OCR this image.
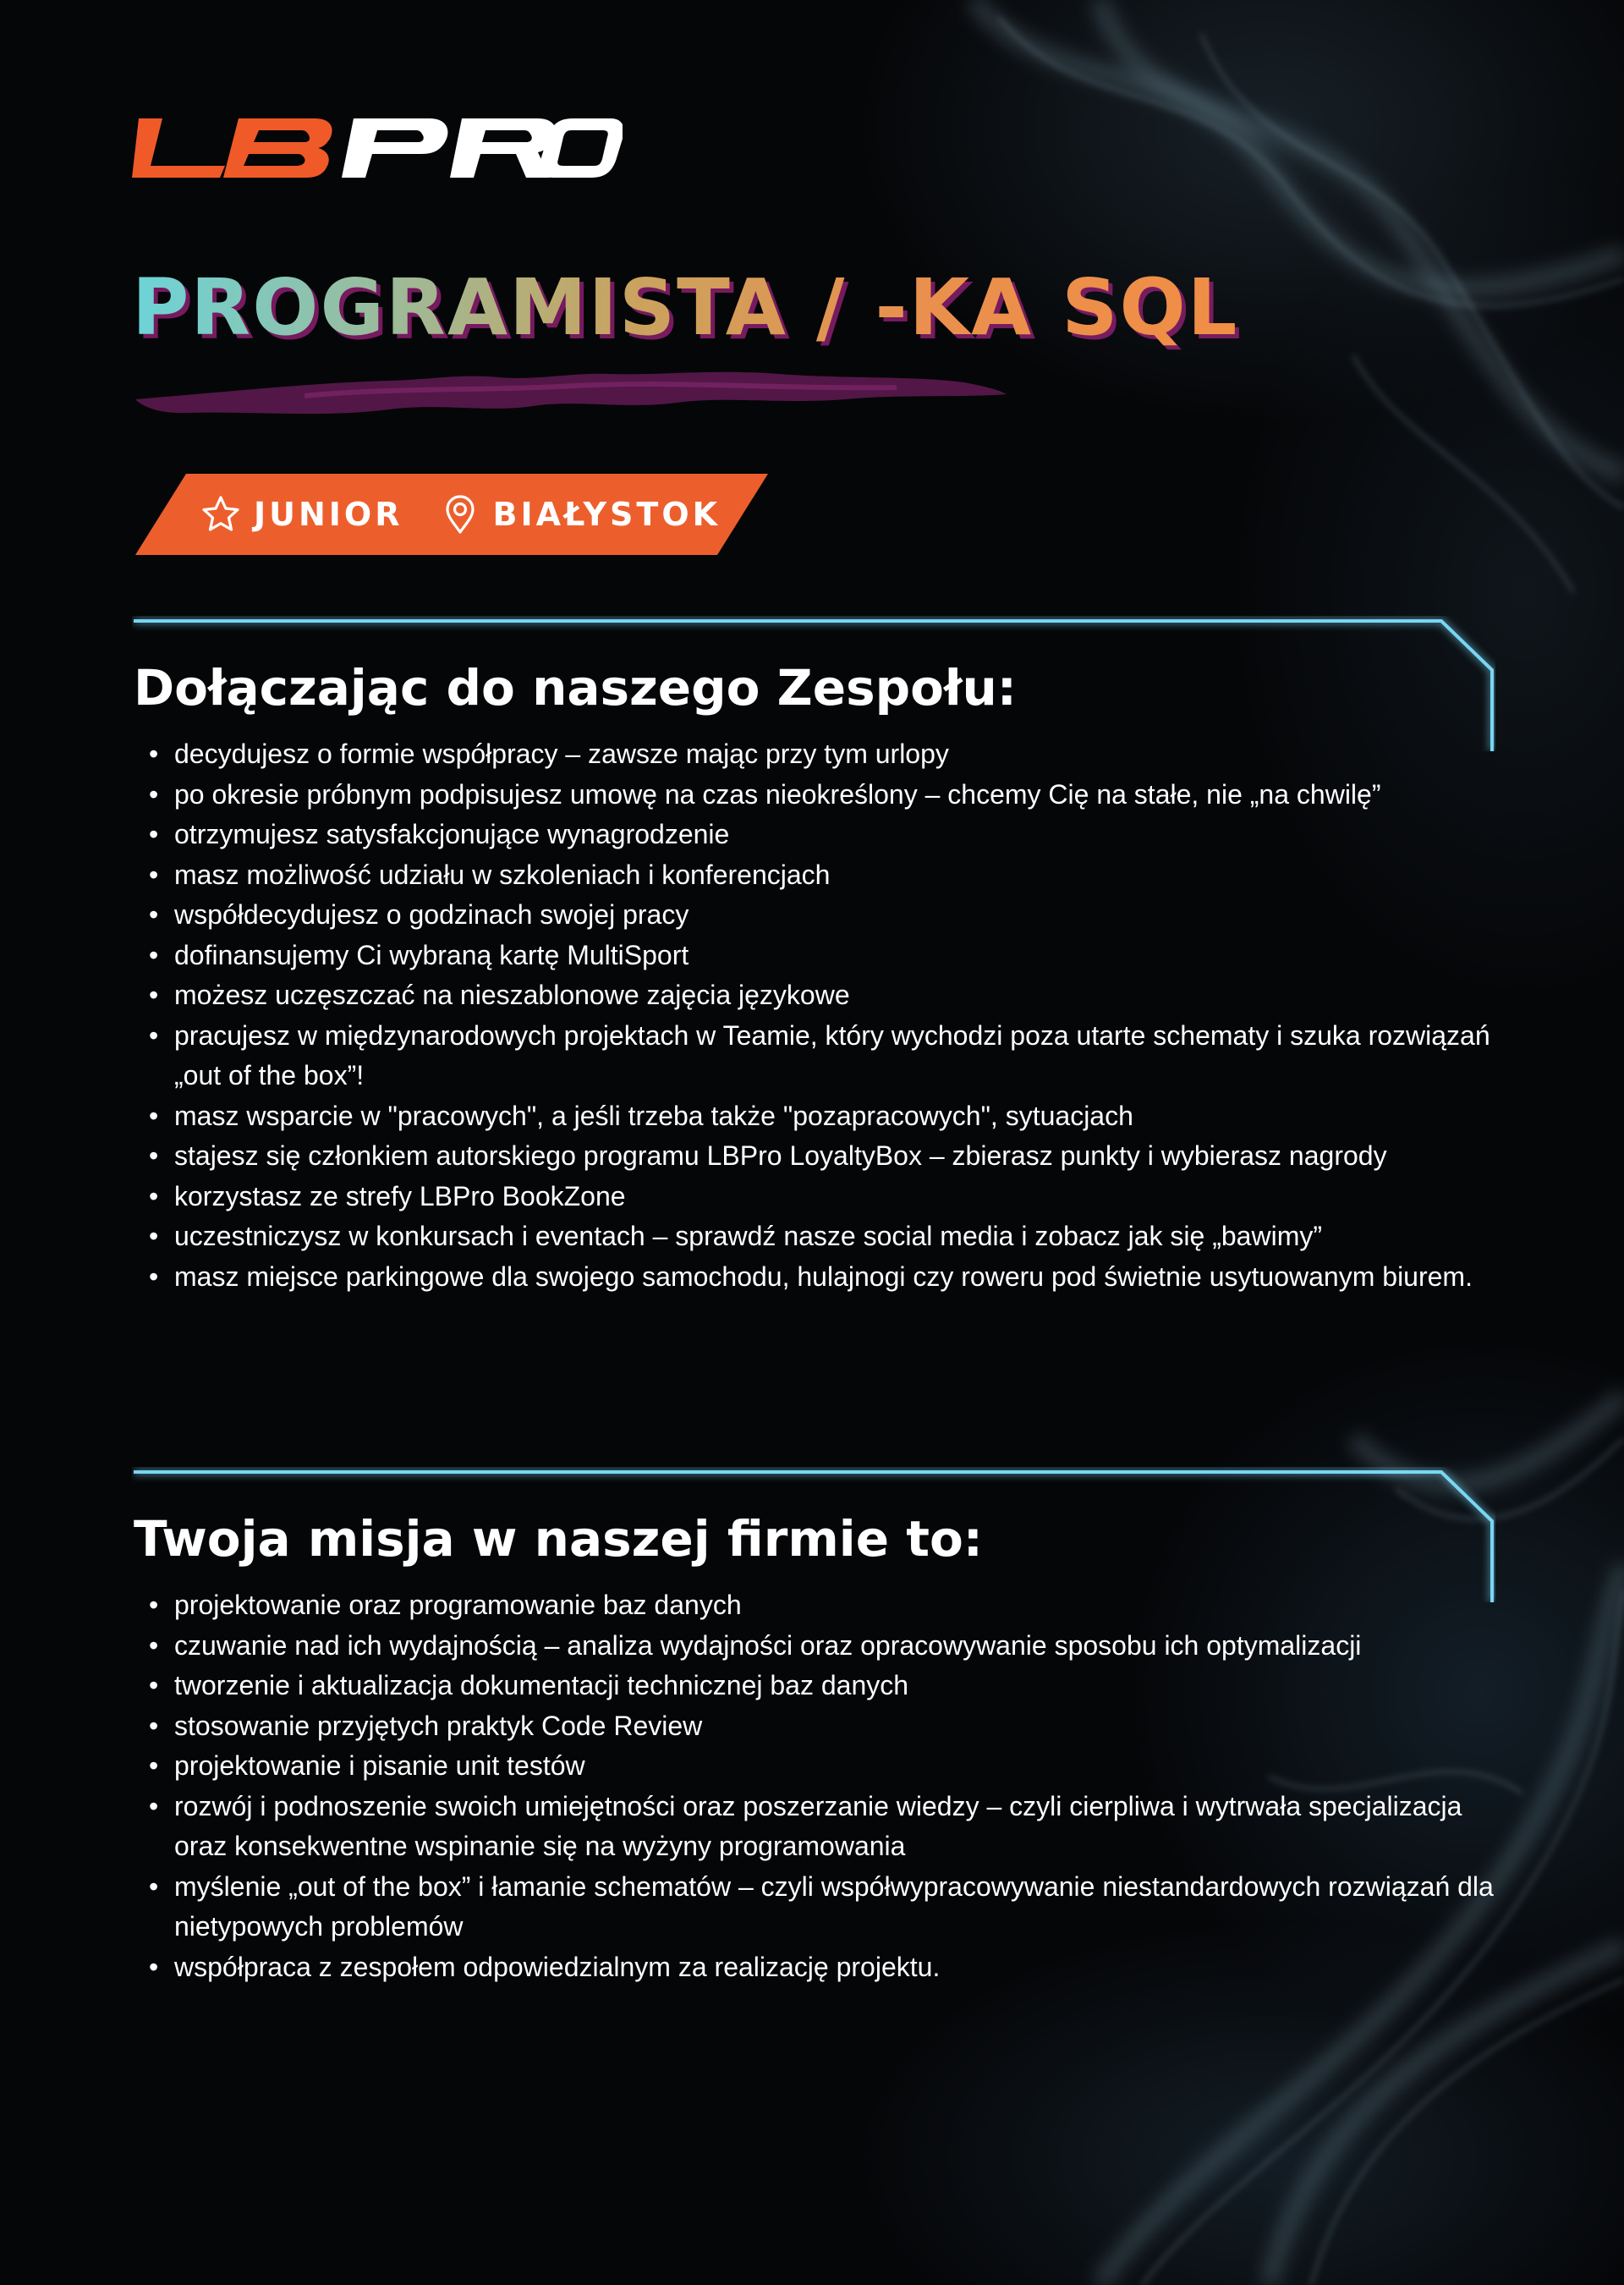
PROGRAMISTA / -KA SQL
JUNIOR	BIAŁYSTOK
Dołączając do naszego Zespołu:
• decydujesz o formie współpracy – zawsze mając przy tym urlopy
• po okresie próbnym podpisujesz umowę na czas nieokreślony – chcemy Cię na stałe, nie „na chwilę”
• otrzymujesz satysfakcjonujące wynagrodzenie
• masz możliwość udziału w szkoleniach i konferencjach
• współdecydujesz o godzinach swojej pracy
• dofinansujemy Ci wybraną kartę MultiSport
• możesz uczęszczać na nieszablonowe zajęcia językowe
• pracujesz w międzynarodowych projektach w Teamie, który wychodzi poza utarte schematy i szuka rozwiązań „out of the box”!
• masz wsparcie w "pracowych", a jeśli trzeba także "pozapracowych", sytuacjach
• stajesz się członkiem autorskiego programu LBPro LoyaltyBox – zbierasz punkty i wybierasz nagrody
• korzystasz ze strefy LBPro BookZone
• uczestniczysz w konkursach i eventach – sprawdź nasze social media i zobacz jak się „bawimy”
• masz miejsce parkingowe dla swojego samochodu, hulajnogi czy roweru pod świetnie usytuowanym biurem.
Twoja misja w naszej firmie to:
• projektowanie oraz programowanie baz danych
• czuwanie nad ich wydajnością – analiza wydajności oraz opracowywanie sposobu ich optymalizacji
• tworzenie i aktualizacja dokumentacji technicznej baz danych
• stosowanie przyjętych praktyk Code Review
• projektowanie i pisanie unit testów
• rozwój i podnoszenie swoich umiejętności oraz poszerzanie wiedzy – czyli cierpliwa i wytrwała specjalizacja oraz konsekwentne wspinanie się na wyżyny programowania
• myślenie „out of the box” i łamanie schematów – czyli współwypracowywanie niestandardowych rozwiązań dla nietypowych problemów
• współpraca z zespołem odpowiedzialnym za realizację projektu.
